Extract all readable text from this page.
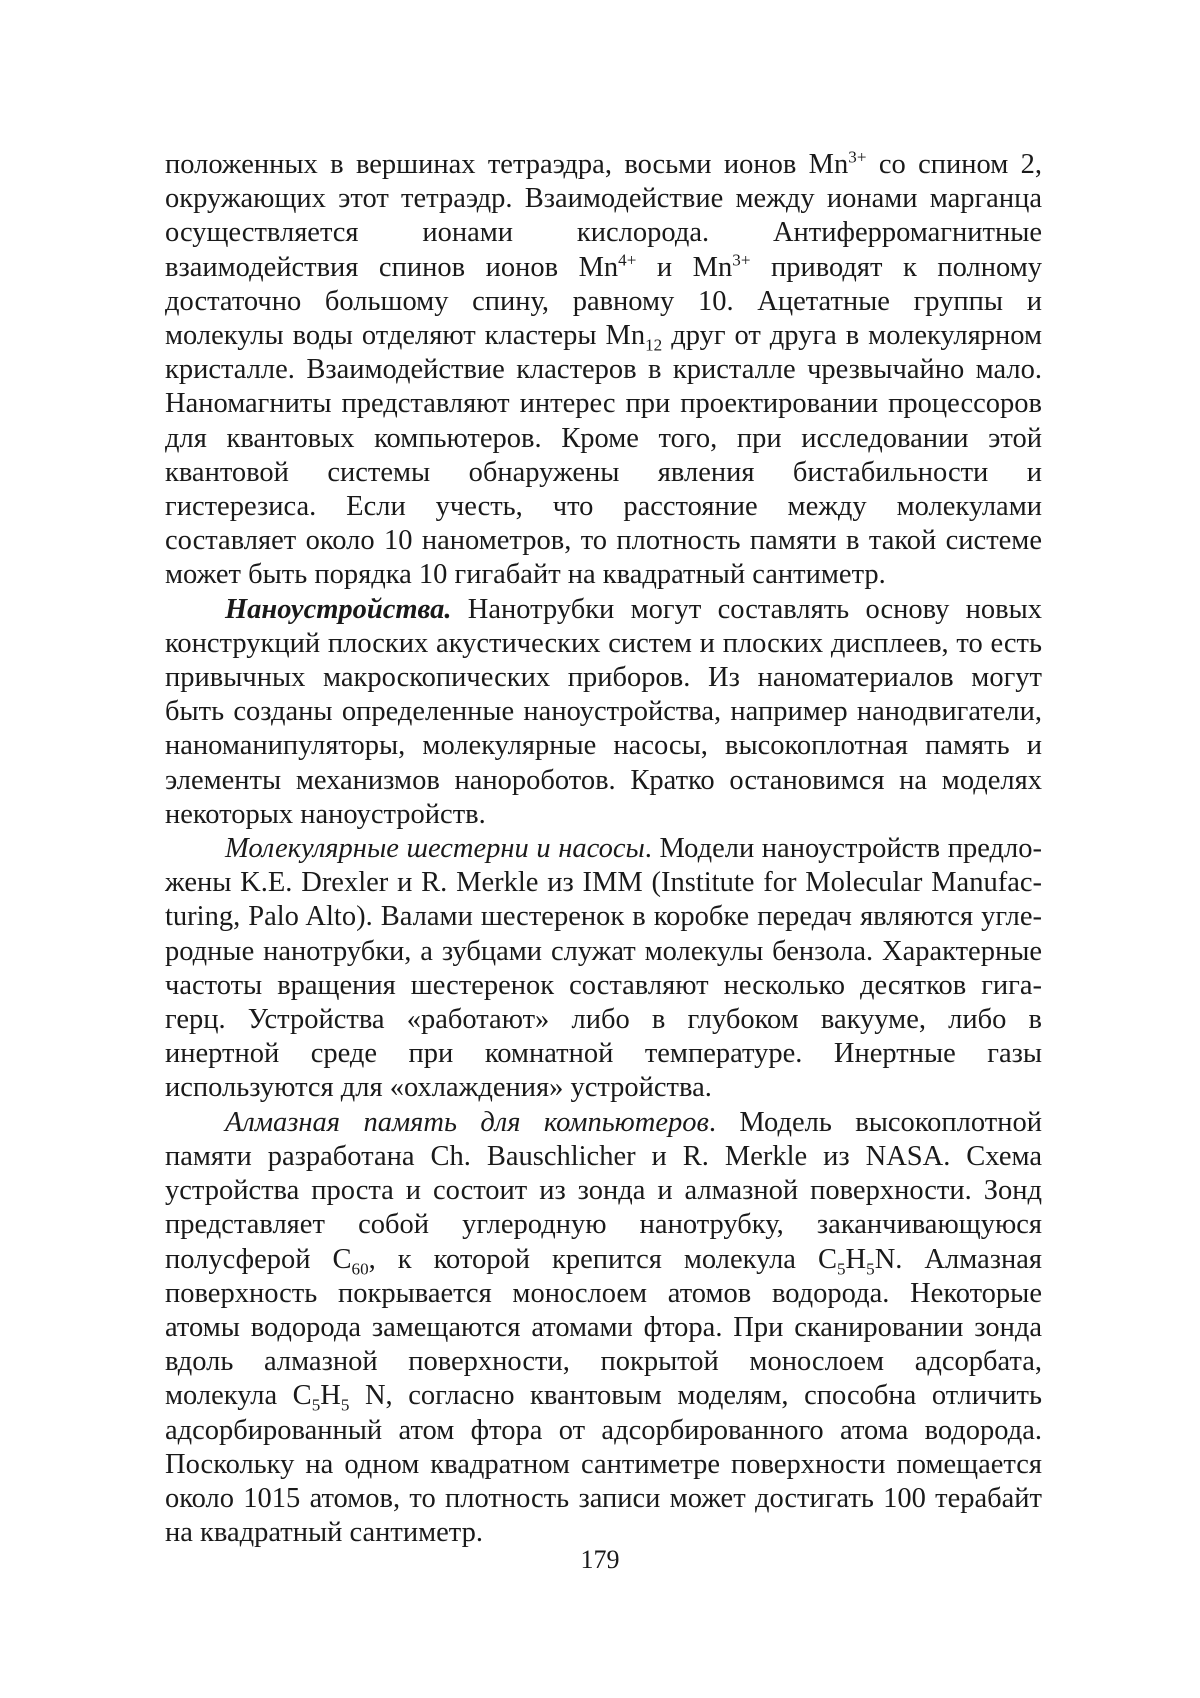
положенных в вершинах тетраэдра, восьми ионов $Mn^{3+}$ со спином 2, окружающих этот тетраэдр. Взаимодействие между ионами марганца осуществляется ионами кислорода. Антиферромагнитные взаимодействия спинов ионов $Mn^{4+}$ и $Mn^{3+}$ приводят к полному достаточно большому спину, равному 10. Ацетатные группы и молекулы воды отделяют кластеры $Mn_{12}$ друг от друга в молекулярном кристалле. Взаимодействие кластеров в кристалле чрезвычайно мало. Наномагниты представляют интерес при проектировании процессоров для квантовых компьютеров. Кроме того, при исследовании этой квантовой системы обнаружены явления бистабильности и гистерезиса. Если учесть, что расстояние между молекулами составляет около 10 нанометров, то плотность памяти в такой системе может быть порядка 10 гигабайт на квадратный сантиметр.

Наноустройства. Нанотрубки могут составлять основу новых конструкций плоских акустических систем и плоских дисплеев, то есть привычных макроскопических приборов. Из наноматериалов могут быть созданы определенные наноустройства, например нанодвигатели, наноманипуляторы, молекулярные насосы, высокоплотная память и элементы механизмов нанороботов. Кратко остановимся на моделях некоторых наноустройств.

Молекулярные шестерни и насосы. Модели наноустройств предложены K.E. Drexler и R. Merkle из IMM (Institute for Molecular Manufacturing, Palo Alto). Валами шестеренок в коробке передач являются углеродные нанотрубки, а зубцами служат молекулы бензола. Характерные частоты вращения шестеренок составляют несколько десятков гигагерц. Устройства «работают» либо в глубоком вакууме, либо в инертной среде при комнатной температуре. Инертные газы используются для «охлаждения» устройства.

Алмазная память для компьютеров. Модель высокоплотной памяти разработана Ch. Bauschlicher и R. Merkle из NASA. Схема устройства проста и состоит из зонда и алмазной поверхности. Зонд представляет собой углеродную нанотрубку, заканчивающуюся полусферой $C_{60}$, к которой крепится молекула $C_5H_5N$. Алмазная поверхность покрывается монослоем атомов водорода. Некоторые атомы водорода замещаются атомами фтора. При сканировании зонда вдоль алмазной поверхности, покрытой монослоем адсорбата, молекула $C_5H_5$ N, согласно квантовым моделям, способна отличить адсорбированный атом фтора от адсорбированного атома водорода. Поскольку на одном квадратном сантиметре поверхности помещается около 1015 атомов, то плотность записи может достигать 100 терабайт на квадратный сантиметр.

179
